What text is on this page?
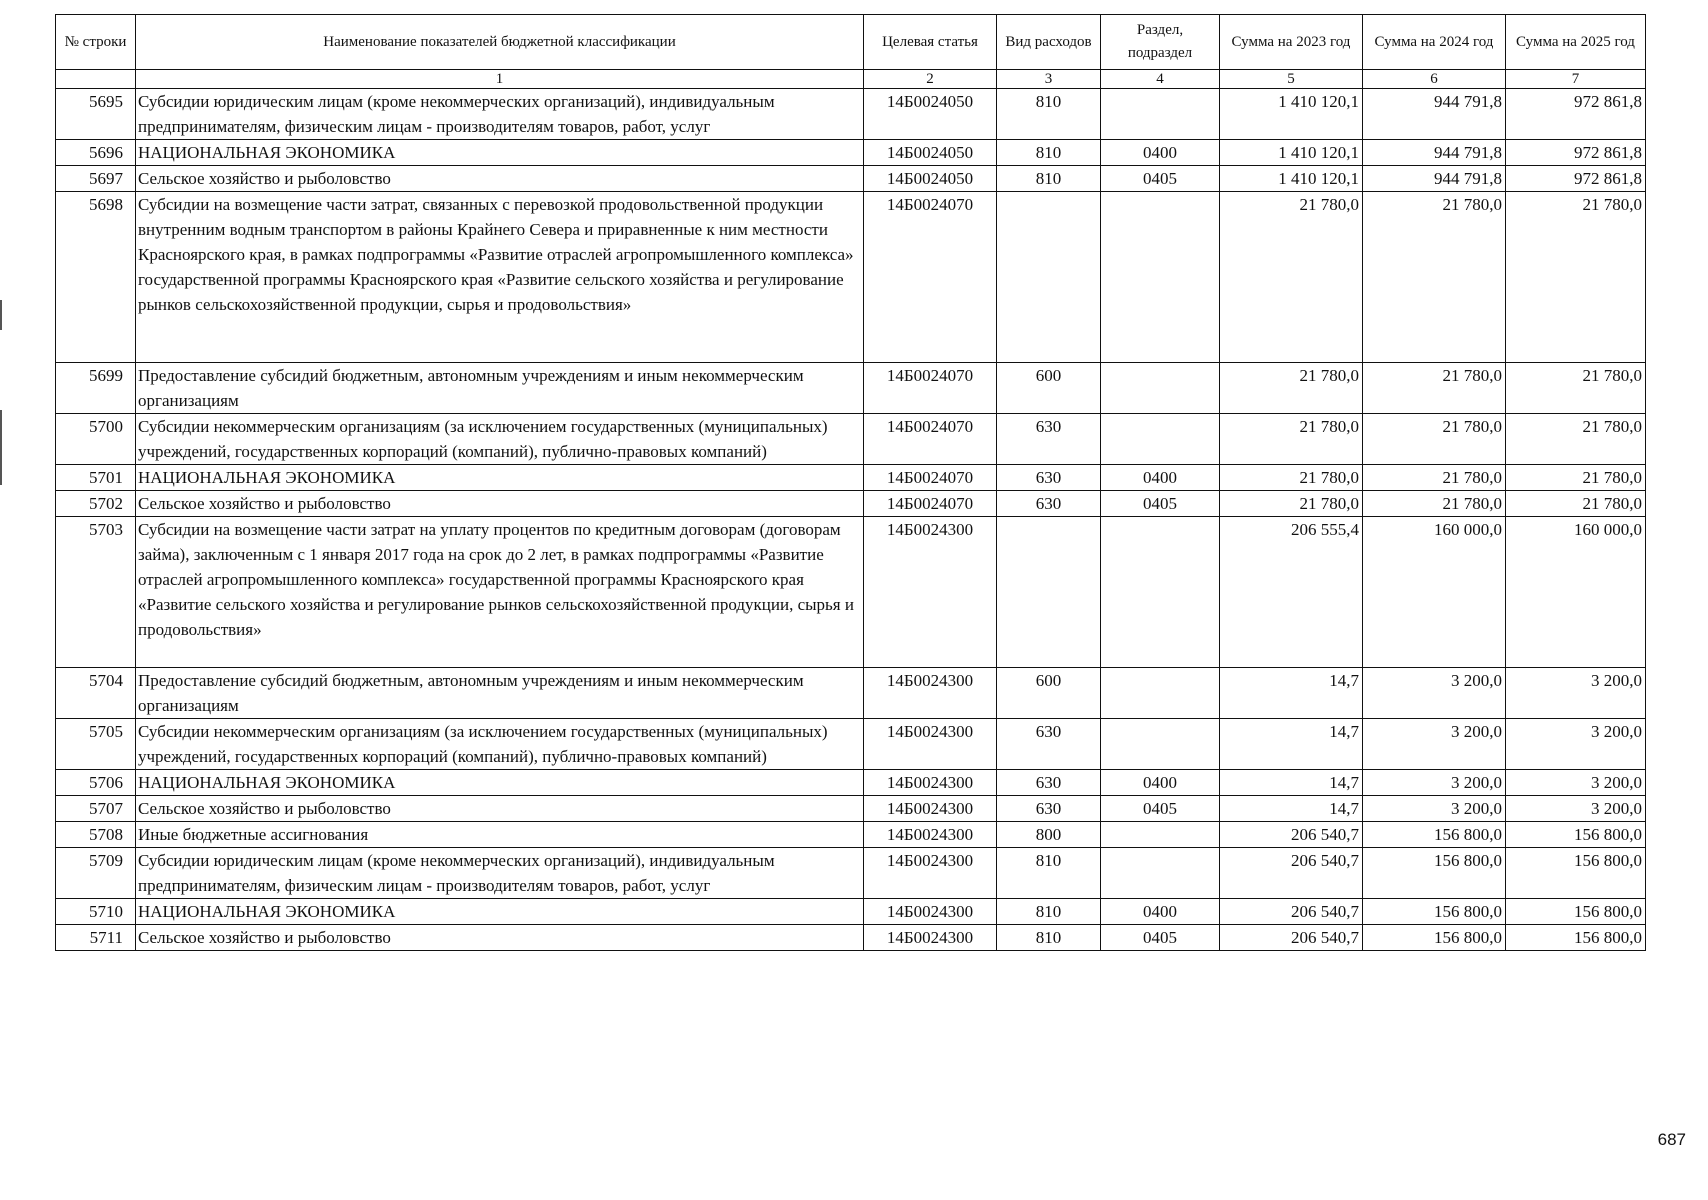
№ строки	Наименование показателей бюджетной классификации	Целевая статья	Вид расходов	Раздел, подраздел	Сумма на 2023 год	Сумма на 2024 год	Сумма на 2025 год
	1	2	3	4	5	6	7
5695	Субсидии юридическим лицам (кроме некоммерческих организаций), индивидуальным предпринимателям, физическим лицам - производителям товаров, работ, услуг	14Б0024050	810		1 410 120,1	944 791,8	972 861,8
5696	НАЦИОНАЛЬНАЯ ЭКОНОМИКА	14Б0024050	810	0400	1 410 120,1	944 791,8	972 861,8
5697	Сельское хозяйство и рыболовство	14Б0024050	810	0405	1 410 120,1	944 791,8	972 861,8
5698	Субсидии на возмещение части затрат, связанных с перевозкой продовольственной продукции внутренним водным транспортом в районы Крайнего Севера и приравненные к ним местности Красноярского края, в рамках подпрограммы «Развитие отраслей агропромышленного комплекса» государственной программы Красноярского края «Развитие сельского хозяйства и регулирование рынков сельскохозяйственной продукции, сырья и продовольствия»	14Б0024070			21 780,0	21 780,0	21 780,0
5699	Предоставление субсидий бюджетным, автономным учреждениям и иным некоммерческим организациям	14Б0024070	600		21 780,0	21 780,0	21 780,0
5700	Субсидии некоммерческим организациям (за исключением государственных (муниципальных) учреждений, государственных корпораций (компаний), публично-правовых компаний)	14Б0024070	630		21 780,0	21 780,0	21 780,0
5701	НАЦИОНАЛЬНАЯ ЭКОНОМИКА	14Б0024070	630	0400	21 780,0	21 780,0	21 780,0
5702	Сельское хозяйство и рыболовство	14Б0024070	630	0405	21 780,0	21 780,0	21 780,0
5703	Субсидии на возмещение части затрат на уплату процентов по кредитным договорам (договорам займа), заключенным с 1 января 2017 года на срок до 2 лет, в рамках подпрограммы «Развитие отраслей агропромышленного комплекса» государственной программы Красноярского края «Развитие сельского хозяйства и регулирование рынков сельскохозяйственной продукции, сырья и продовольствия»	14Б0024300			206 555,4	160 000,0	160 000,0
5704	Предоставление субсидий бюджетным, автономным учреждениям и иным некоммерческим организациям	14Б0024300	600		14,7	3 200,0	3 200,0
5705	Субсидии некоммерческим организациям (за исключением государственных (муниципальных) учреждений, государственных корпораций (компаний), публично-правовых компаний)	14Б0024300	630		14,7	3 200,0	3 200,0
5706	НАЦИОНАЛЬНАЯ ЭКОНОМИКА	14Б0024300	630	0400	14,7	3 200,0	3 200,0
5707	Сельское хозяйство и рыболовство	14Б0024300	630	0405	14,7	3 200,0	3 200,0
5708	Иные бюджетные ассигнования	14Б0024300	800		206 540,7	156 800,0	156 800,0
5709	Субсидии юридическим лицам (кроме некоммерческих организаций), индивидуальным предпринимателям, физическим лицам - производителям товаров, работ, услуг	14Б0024300	810		206 540,7	156 800,0	156 800,0
5710	НАЦИОНАЛЬНАЯ ЭКОНОМИКА	14Б0024300	810	0400	206 540,7	156 800,0	156 800,0
5711	Сельское хозяйство и рыболовство	14Б0024300	810	0405	206 540,7	156 800,0	156 800,0
687
